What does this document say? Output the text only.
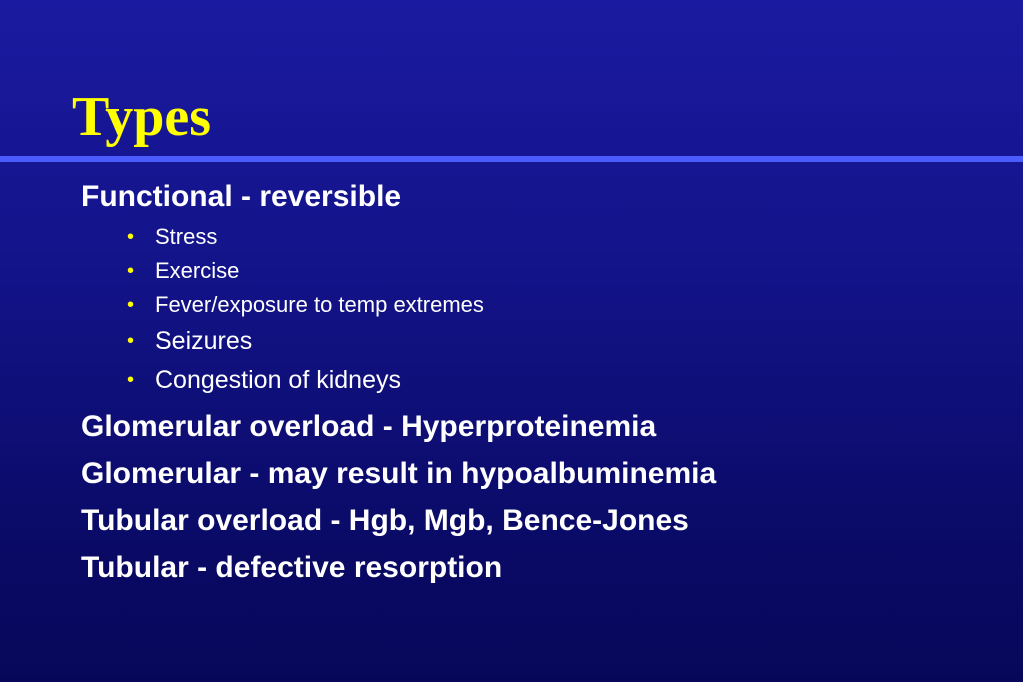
Types
Functional - reversible
• Stress
• Exercise
• Fever/exposure to temp extremes
• Seizures
• Congestion of kidneys
Glomerular overload - Hyperproteinemia
Glomerular - may result in hypoalbuminemia
Tubular overload - Hgb, Mgb, Bence-Jones
Tubular - defective resorption
